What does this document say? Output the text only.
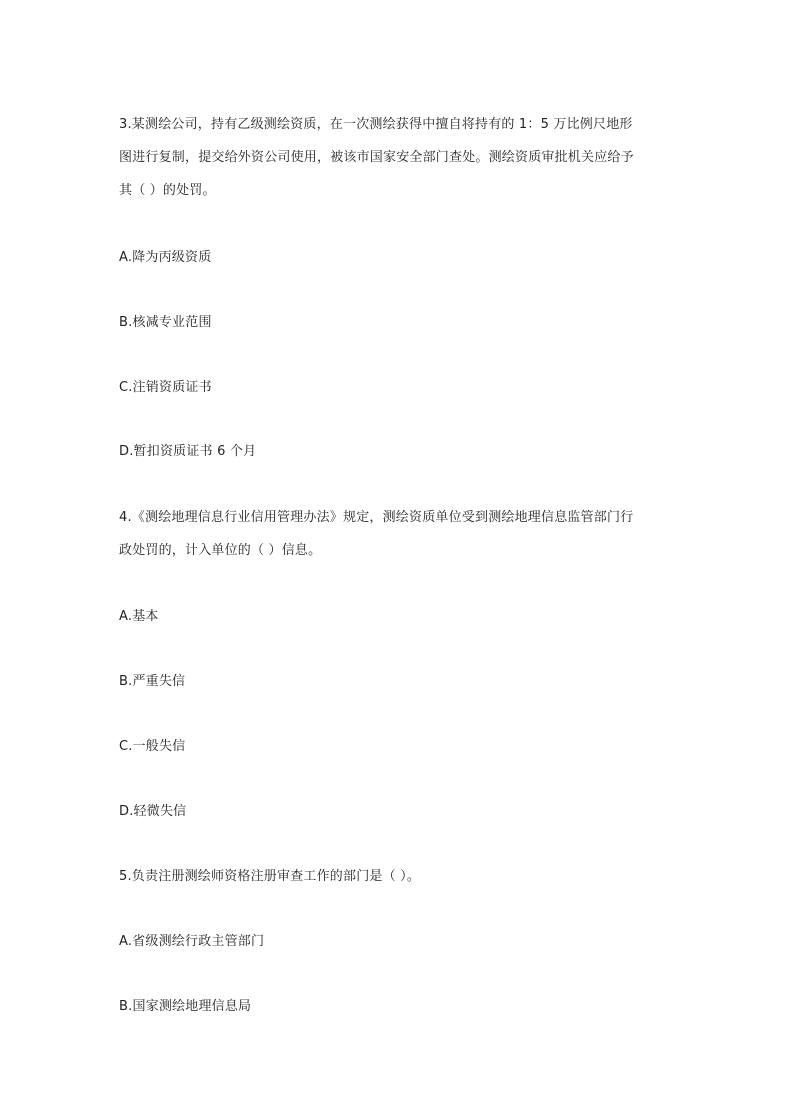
3.某测绘公司，持有乙级测绘资质，在一次测绘获得中擅自将持有的 1：5 万比例尺地形
图进行复制，提交给外资公司使用，被该市国家安全部门查处。测绘资质审批机关应给予
其（ ）的处罚。
A.降为丙级资质
B.核减专业范围
C.注销资质证书
D.暂扣资质证书 6 个月
4.《测绘地理信息行业信用管理办法》规定，测绘资质单位受到测绘地理信息监管部门行
政处罚的，计入单位的（ ）信息。
A.基本
B.严重失信
C.一般失信
D.轻微失信
5.负责注册测绘师资格注册审查工作的部门是（ ）。
A.省级测绘行政主管部门
B.国家测绘地理信息局
